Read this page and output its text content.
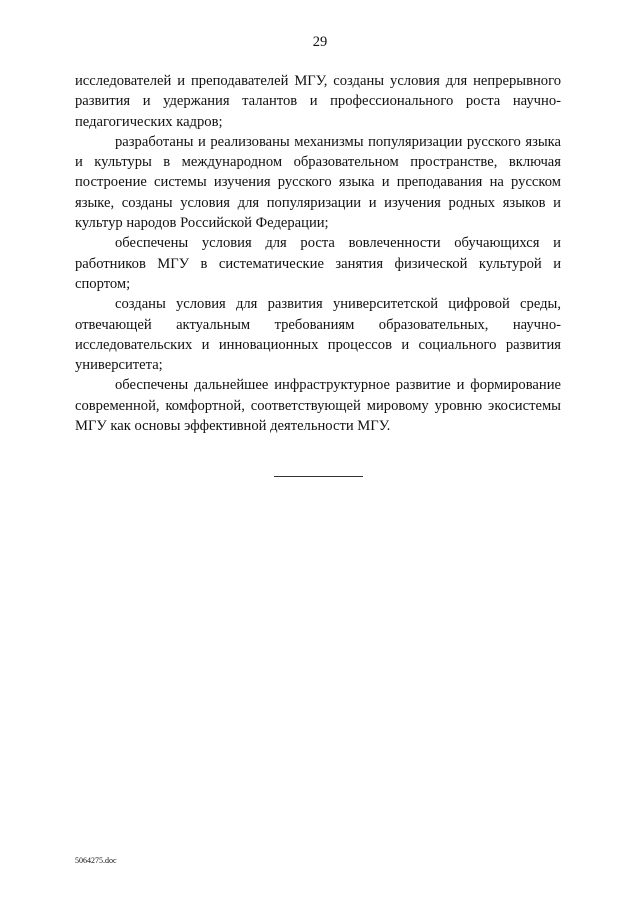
29

исследователей и преподавателей МГУ, созданы условия для непрерывного развития и удержания талантов и профессионального роста научно-педагогических кадров;

разработаны и реализованы механизмы популяризации русского языка и культуры в международном образовательном пространстве, включая построение системы изучения русского языка и преподавания на русском языке, созданы условия для популяризации и изучения родных языков и культур народов Российской Федерации;

обеспечены условия для роста вовлеченности обучающихся и работников МГУ в систематические занятия физической культурой и спортом;

созданы условия для развития университетской цифровой среды, отвечающей актуальным требованиям образовательных, научно-исследовательских и инновационных процессов и социального развития университета;

обеспечены дальнейшее инфраструктурное развитие и формирование современной, комфортной, соответствующей мировому уровню экосистемы МГУ как основы эффективной деятельности МГУ.

5064275.doc
